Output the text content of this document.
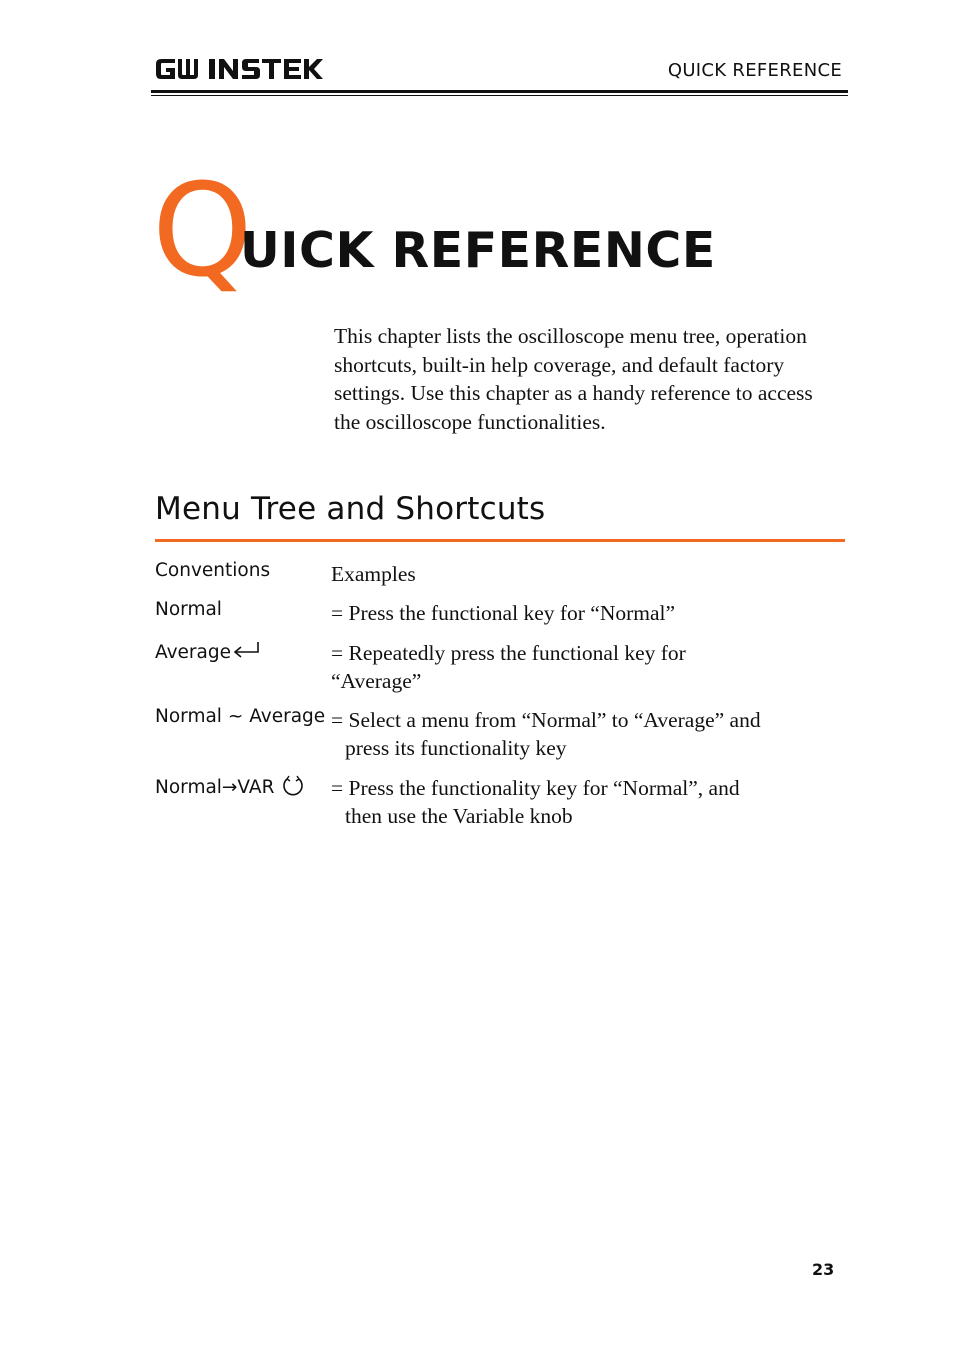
QUICK REFERENCE
Q
UICK REFERENCE
This chapter lists the oscilloscope menu tree, operation shortcuts, built-in help coverage, and default factory settings. Use this chapter as a handy reference to access the oscilloscope functionalities.
Menu Tree and Shortcuts
Conventions	Examples
Normal	= Press the functional key for “Normal”
Average	= Repeatedly press the functional key for
“Average”
Normal ~ Average = Select a menu from “Normal” to “Average” and
press its functionality key
Normal→VAR	= Press the functionality key for “Normal”, and
then use the Variable knob
23
